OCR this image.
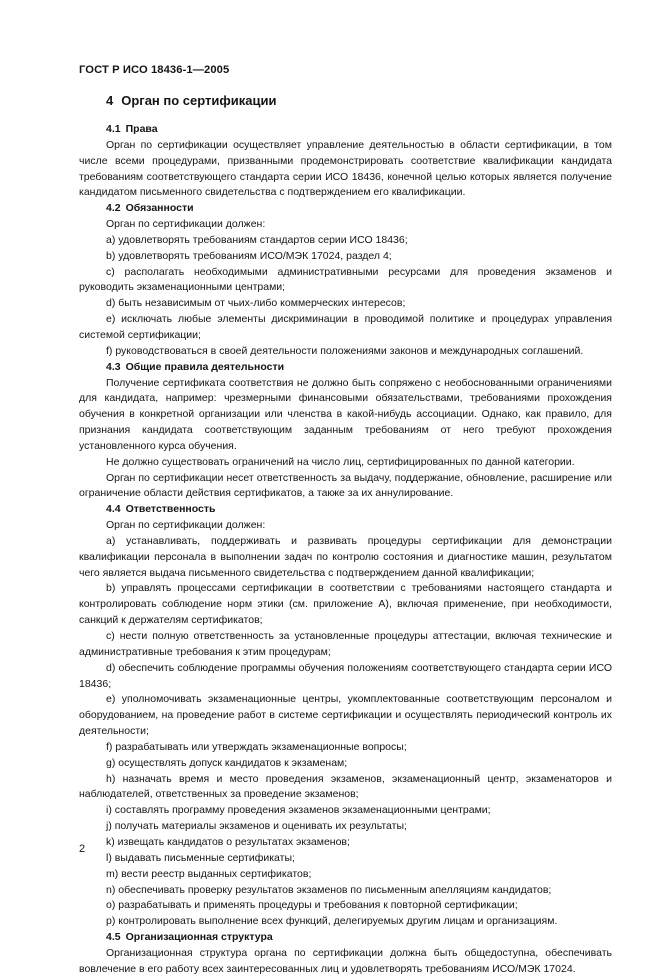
ГОСТ Р ИСО 18436-1—2005
4 Орган по сертификации
4.1 Права

Орган по сертификации осуществляет управление деятельностью в области сертификации, в том числе всеми процедурами, призванными продемонстрировать соответствие квалификации кандидата требованиям соответствующего стандарта серии ИСО 18436, конечной целью которых является получение кандидатом письменного свидетельства с подтверждением его квалификации.

4.2 Обязанности

Орган по сертификации должен:

a) удовлетворять требованиям стандартов серии ИСО 18436;

b) удовлетворять требованиям ИСО/МЭК 17024, раздел 4;

c) располагать необходимыми административными ресурсами для проведения экзаменов и руководить экзаменационными центрами;

d) быть независимым от чьих-либо коммерческих интересов;

e) исключать любые элементы дискриминации в проводимой политике и процедурах управления системой сертификации;

f) руководствоваться в своей деятельности положениями законов и международных соглашений.

4.3 Общие правила деятельности

Получение сертификата соответствия не должно быть сопряжено с необоснованными ограничениями для кандидата, например: чрезмерными финансовыми обязательствами, требованиями прохождения обучения в конкретной организации или членства в какой-нибудь ассоциации. Однако, как правило, для признания кандидата соответствующим заданным требованиям от него требуют прохождения установленного курса обучения.

Не должно существовать ограничений на число лиц, сертифицированных по данной категории.

Орган по сертификации несет ответственность за выдачу, поддержание, обновление, расширение или ограничение области действия сертификатов, а также за их аннулирование.

4.4 Ответственность

Орган по сертификации должен:

a) устанавливать, поддерживать и развивать процедуры сертификации для демонстрации квалификации персонала в выполнении задач по контролю состояния и диагностике машин, результатом чего является выдача письменного свидетельства с подтверждением данной квалификации;

b) управлять процессами сертификации в соответствии с требованиями настоящего стандарта и контролировать соблюдение норм этики (см. приложение А), включая применение, при необходимости, санкций к держателям сертификатов;

c) нести полную ответственность за установленные процедуры аттестации, включая технические и административные требования к этим процедурам;

d) обеспечить соблюдение программы обучения положениям соответствующего стандарта серии ИСО 18436;

e) уполномочивать экзаменационные центры, укомплектованные соответствующим персоналом и оборудованием, на проведение работ в системе сертификации и осуществлять периодический контроль их деятельности;

f) разрабатывать или утверждать экзаменационные вопросы;

g) осуществлять допуск кандидатов к экзаменам;

h) назначать время и место проведения экзаменов, экзаменационный центр, экзаменаторов и наблюдателей, ответственных за проведение экзаменов;

i) составлять программу проведения экзаменов экзаменационными центрами;

j) получать материалы экзаменов и оценивать их результаты;

k) извещать кандидатов о результатах экзаменов;

l) выдавать письменные сертификаты;

m) вести реестр выданных сертификатов;

n) обеспечивать проверку результатов экзаменов по письменным апелляциям кандидатов;

o) разрабатывать и применять процедуры и требования к повторной сертификации;

p) контролировать выполнение всех функций, делегируемых другим лицам и организациям.

4.5 Организационная структура

Организационная структура органа по сертификации должна быть общедоступна, обеспечивать вовлечение в его работу всех заинтересованных лиц и удовлетворять требованиям ИСО/МЭК 17024.

2
